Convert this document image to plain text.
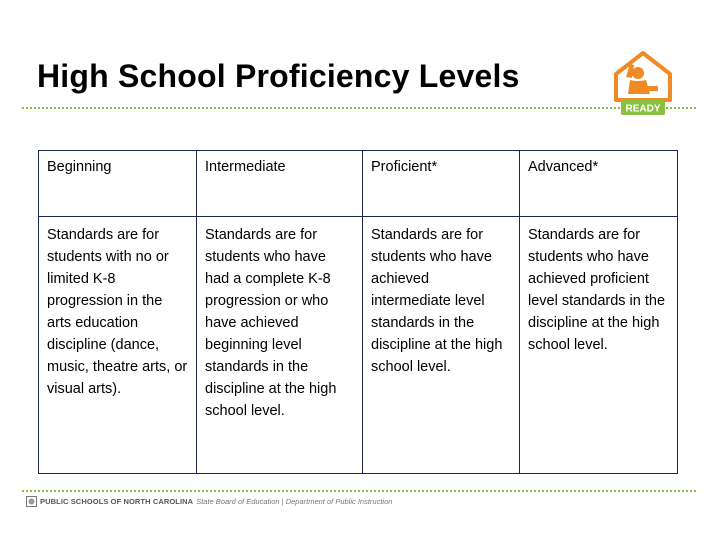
High School Proficiency Levels
READY
Beginning	Intermediate	Proficient*	Advanced*
Standards are for students with no or limited K-8 progression in the arts education discipline (dance, music, theatre arts, or visual arts).	Standards are for students who have had a complete K-8 progression or who have achieved beginning level standards in the discipline at the high school level.	Standards are for students who have achieved intermediate level standards in the discipline at the high school level.	Standards are for students who have achieved proficient level standards in the discipline at the high school level.
PUBLIC SCHOOLS OF NORTH CAROLINA State Board of Education | Department of Public Instruction
